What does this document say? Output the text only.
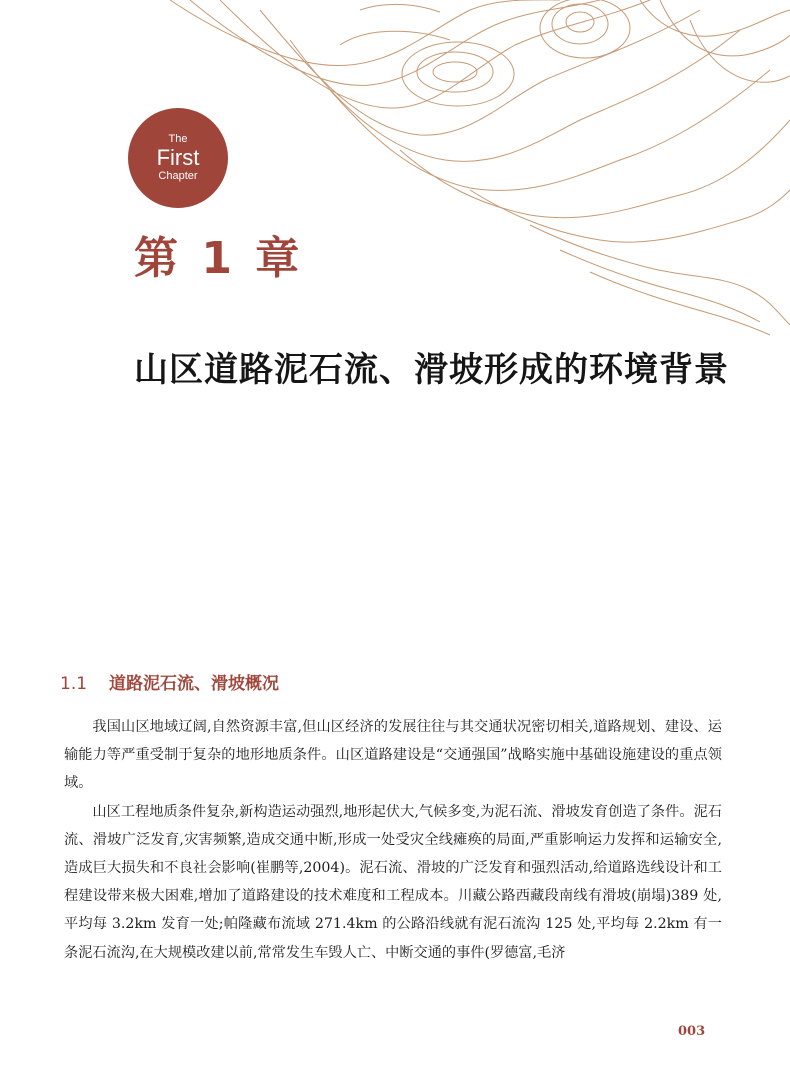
The
First
Chapter
第 1 章
山区道路泥石流、滑坡形成的环境背景
1.1 道路泥石流、滑坡概况

我国山区地域辽阔,自然资源丰富,但山区经济的发展往往与其交通状况密切相关,道路规划、建设、运输能力等严重受制于复杂的地形地质条件。山区道路建设是“交通强国”战略实施中基础设施建设的重点领域。

山区工程地质条件复杂,新构造运动强烈,地形起伏大,气候多变,为泥石流、滑坡发育创造了条件。泥石流、滑坡广泛发育,灾害频繁,造成交通中断,形成一处受灾全线瘫痪的局面,严重影响运力发挥和运输安全,造成巨大损失和不良社会影响(崔鹏等,2004)。泥石流、滑坡的广泛发育和强烈活动,给道路选线设计和工程建设带来极大困难,增加了道路建设的技术难度和工程成本。川藏公路西藏段南线有滑坡(崩塌)389 处,平均每 3.2km 发育一处;帕隆藏布流域 271.4km 的公路沿线就有泥石流沟 125 处,平均每 2.2km 有一条泥石流沟,在大规模改建以前,常常发生车毁人亡、中断交通的事件(罗德富,毛济

003
